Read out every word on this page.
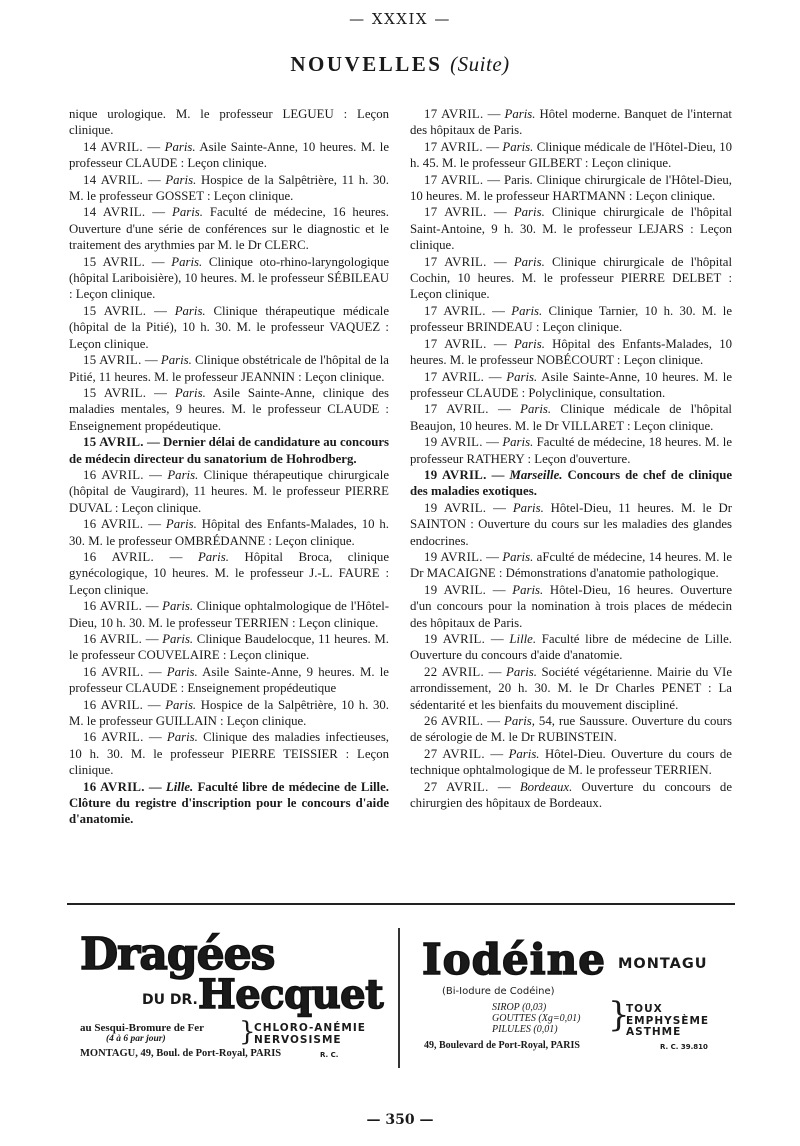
— XXXIX —
NOUVELLES (Suite)

nique urologique. M. le professeur LEGUEU : Leçon clinique.

14 AVRIL. — Paris. Asile Sainte-Anne, 10 heures. M. le professeur CLAUDE : Leçon clinique.

14 AVRIL. — Paris. Hospice de la Salpêtrière, 11 h. 30. M. le professeur GOSSET : Leçon clinique.

14 AVRIL. — Paris. Faculté de médecine, 16 heures. Ouverture d'une série de conférences sur le diagnostic et le traitement des arythmies par M. le Dr CLERC.

15 AVRIL. — Paris. Clinique oto-rhino-laryngologique (hôpital Lariboisière), 10 heures. M. le professeur SÉBILEAU : Leçon clinique.

15 AVRIL. — Paris. Clinique thérapeutique médicale (hôpital de la Pitié), 10 h. 30. M. le professeur VAQUEZ : Leçon clinique.

15 AVRIL. — Paris. Clinique obstétricale de l'hôpital de la Pitié, 11 heures. M. le professeur JEANNIN : Leçon clinique.

15 AVRIL. — Paris. Asile Sainte-Anne, clinique des maladies mentales, 9 heures. M. le professeur CLAUDE : Enseignement propédeutique.

15 AVRIL. — Dernier délai de candidature au concours de médecin directeur du sanatorium de Hohrodberg.

16 AVRIL. — Paris. Clinique thérapeutique chirurgicale (hôpital de Vaugirard), 11 heures. M. le professeur PIERRE DUVAL : Leçon clinique.

16 AVRIL. — Paris. Hôpital des Enfants-Malades, 10 h. 30. M. le professeur OMBRÉDANNE : Leçon clinique.

16 AVRIL. — Paris. Hôpital Broca, clinique gynécologique, 10 heures. M. le professeur J.-L. FAURE : Leçon clinique.

16 AVRIL. — Paris. Clinique ophtalmologique de l'Hôtel-Dieu, 10 h. 30. M. le professeur TERRIEN : Leçon clinique.

16 AVRIL. — Paris. Clinique Baudelocque, 11 heures. M. le professeur COUVELAIRE : Leçon clinique.

16 AVRIL. — Paris. Asile Sainte-Anne, 9 heures. M. le professeur CLAUDE : Enseignement propédeutique

16 AVRIL. — Paris. Hospice de la Salpêtrière, 10 h. 30. M. le professeur GUILLAIN : Leçon clinique.

16 AVRIL. — Paris. Clinique des maladies infectieuses, 10 h. 30. M. le professeur PIERRE TEISSIER : Leçon clinique.

16 AVRIL. — Lille. Faculté libre de médecine de Lille. Clôture du registre d'inscription pour le concours d'aide d'anatomie.

17 AVRIL. — Paris. Hôtel moderne. Banquet de l'internat des hôpitaux de Paris.

17 AVRIL. — Paris. Clinique médicale de l'Hôtel-Dieu, 10 h. 45. M. le professeur GILBERT : Leçon clinique.

17 AVRIL. — Paris. Clinique chirurgicale de l'Hôtel-Dieu, 10 heures. M. le professeur HARTMANN : Leçon clinique.

17 AVRIL. — Paris. Clinique chirurgicale de l'hôpital Saint-Antoine, 9 h. 30. M. le professeur LEJARS : Leçon clinique.

17 AVRIL. — Paris. Clinique chirurgicale de l'hôpital Cochin, 10 heures. M. le professeur PIERRE DELBET : Leçon clinique.

17 AVRIL. — Paris. Clinique Tarnier, 10 h. 30. M. le professeur BRINDEAU : Leçon clinique.

17 AVRIL. — Paris. Hôpital des Enfants-Malades, 10 heures. M. le professeur NOBÉCOURT : Leçon clinique.

17 AVRIL. — Paris. Asile Sainte-Anne, 10 heures. M. le professeur CLAUDE : Polyclinique, consultation.

17 AVRIL. — Paris. Clinique médicale de l'hôpital Beaujon, 10 heures. M. le Dr VILLARET : Leçon clinique.

19 AVRIL. — Paris. Faculté de médecine, 18 heures. M. le professeur RATHERY : Leçon d'ouverture.

19 AVRIL. — Marseille. Concours de chef de clinique des maladies exotiques.

19 AVRIL. — Paris. Hôtel-Dieu, 11 heures. M. le Dr SAINTON : Ouverture du cours sur les maladies des glandes endocrines.

19 AVRIL. — Paris. aFculté de médecine, 14 heures. M. le Dr MACAIGNE : Démonstrations d'anatomie pathologique.

19 AVRIL. — Paris. Hôtel-Dieu, 16 heures. Ouverture d'un concours pour la nomination à trois places de médecin des hôpitaux de Paris.

19 AVRIL. — Lille. Faculté libre de médecine de Lille. Ouverture du concours d'aide d'anatomie.

22 AVRIL. — Paris. Société végétarienne. Mairie du VIe arrondissement, 20 h. 30. M. le Dr Charles PENET : La sédentarité et les bienfaits du mouvement discipliné.

26 AVRIL. — Paris, 54, rue Saussure. Ouverture du cours de sérologie de M. le Dr RUBINSTEIN.

27 AVRIL. — Paris. Hôtel-Dieu. Ouverture du cours de technique ophtalmologique de M. le professeur TERRIEN.

27 AVRIL. — Bordeaux. Ouverture du concours de chirurgien des hôpitaux de Bordeaux.

Dragées
DU DR. Hecquet
au Sesqui-Bromure de Fer
(4 à 6 par jour)	}
CHLORO-ANÉMIE
NERVOSISME
MONTAGU, 49, Boul. de Port-Royal, PARIS	R. C.
Iodéine MONTAGU
(Bi-Iodure de Codéine)
SIROP (0,03)
GOUTTES (Xg=0,01)
PILULES (0,01)	}
TOUX
EMPHYSÈME
ASTHME
49, Boulevard de Port-Royal, PARIS	R. C. 39.810
— 350 —
